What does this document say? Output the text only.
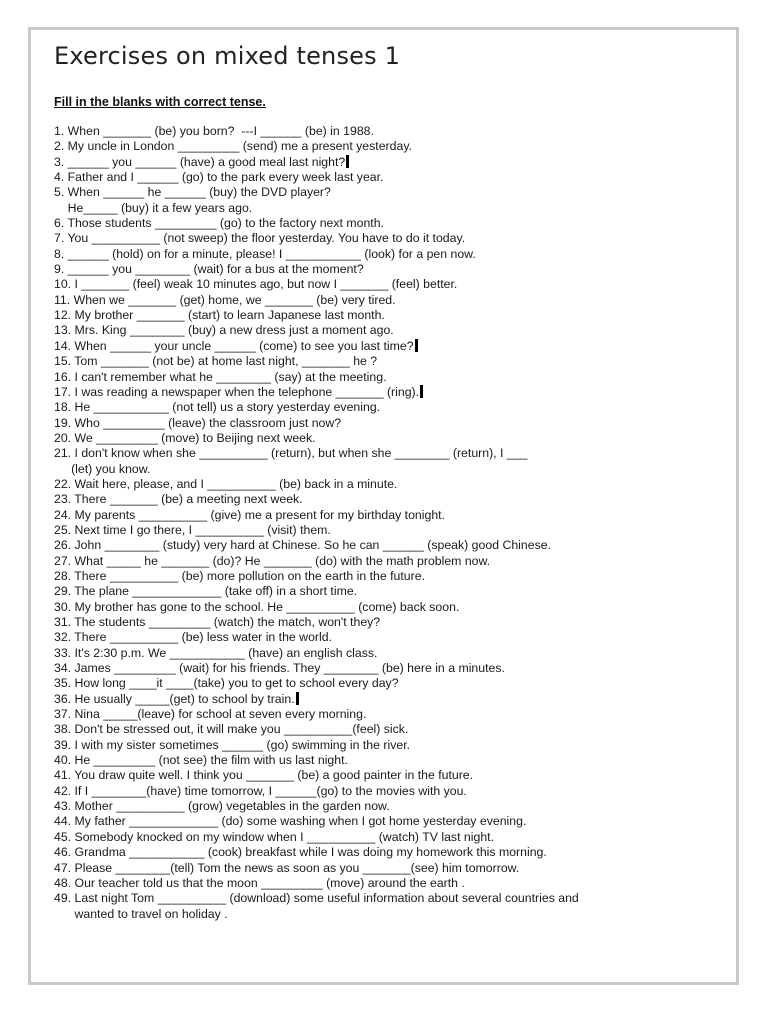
Exercises on mixed tenses 1

Fill in the blanks with correct tense.

1. When _______ (be) you born?  ---I ______ (be) in 1988.
2. My uncle in London _________ (send) me a present yesterday.
3. ______ you ______ (have) a good meal last night?
4. Father and I ______ (go) to the park every week last year.
5. When ______ he ______ (buy) the DVD player?
He_____ (buy) it a few years ago.
6. Those students _________ (go) to the factory next month.
7. You __________ (not sweep) the floor yesterday. You have to do it today.
8. ______ (hold) on for a minute, please! I ___________ (look) for a pen now.
9. ______ you ________ (wait) for a bus at the moment?
10. I _______ (feel) weak 10 minutes ago, but now I _______ (feel) better.
11. When we _______ (get) home, we _______ (be) very tired.
12. My brother _______ (start) to learn Japanese last month.
13. Mrs. King ________ (buy) a new dress just a moment ago.
14. When ______ your uncle ______ (come) to see you last time?
15. Tom _______ (not be) at home last night, _______ he ?
16. I can't remember what he ________ (say) at the meeting.
17. I was reading a newspaper when the telephone _______ (ring).
18. He ___________ (not tell) us a story yesterday evening.
19. Who _________ (leave) the classroom just now?
20. We _________ (move) to Beijing next week.
21. I don't know when she __________ (return), but when she ________ (return), I ___
(let) you know.
22. Wait here, please, and I __________ (be) back in a minute.
23. There _______ (be) a meeting next week.
24. My parents __________ (give) me a present for my birthday tonight.
25. Next time I go there, I __________ (visit) them.
26. John ________ (study) very hard at Chinese. So he can ______ (speak) good Chinese.
27. What _____ he _______ (do)? He _______ (do) with the math problem now.
28. There __________ (be) more pollution on the earth in the future.
29. The plane _____________ (take off) in a short time.
30. My brother has gone to the school. He __________ (come) back soon.
31. The students _________ (watch) the match, won't they?
32. There __________ (be) less water in the world.
33. It's 2:30 p.m. We ___________ (have) an english class.
34. James _________ (wait) for his friends. They ________ (be) here in a minutes.
35. How long ____it ____(take) you to get to school every day?
36. He usually _____(get) to school by train.
37. Nina _____(leave) for school at seven every morning.
38. Don't be stressed out, it will make you __________(feel) sick.
39. I with my sister sometimes ______ (go) swimming in the river.
40. He _________ (not see) the film with us last night.
41. You draw quite well. I think you _______ (be) a good painter in the future.
42. If I ________(have) time tomorrow, I ______(go) to the movies with you.
43. Mother __________ (grow) vegetables in the garden now.
44. My father _____________ (do) some washing when I got home yesterday evening.
45. Somebody knocked on my window when I __________ (watch) TV last night.
46. Grandma ___________ (cook) breakfast while I was doing my homework this morning.
47. Please ________(tell) Tom the news as soon as you _______(see) him tomorrow.
48. Our teacher told us that the moon _________ (move) around the earth .
49. Last night Tom __________ (download) some useful information about several countries and
wanted to travel on holiday .
